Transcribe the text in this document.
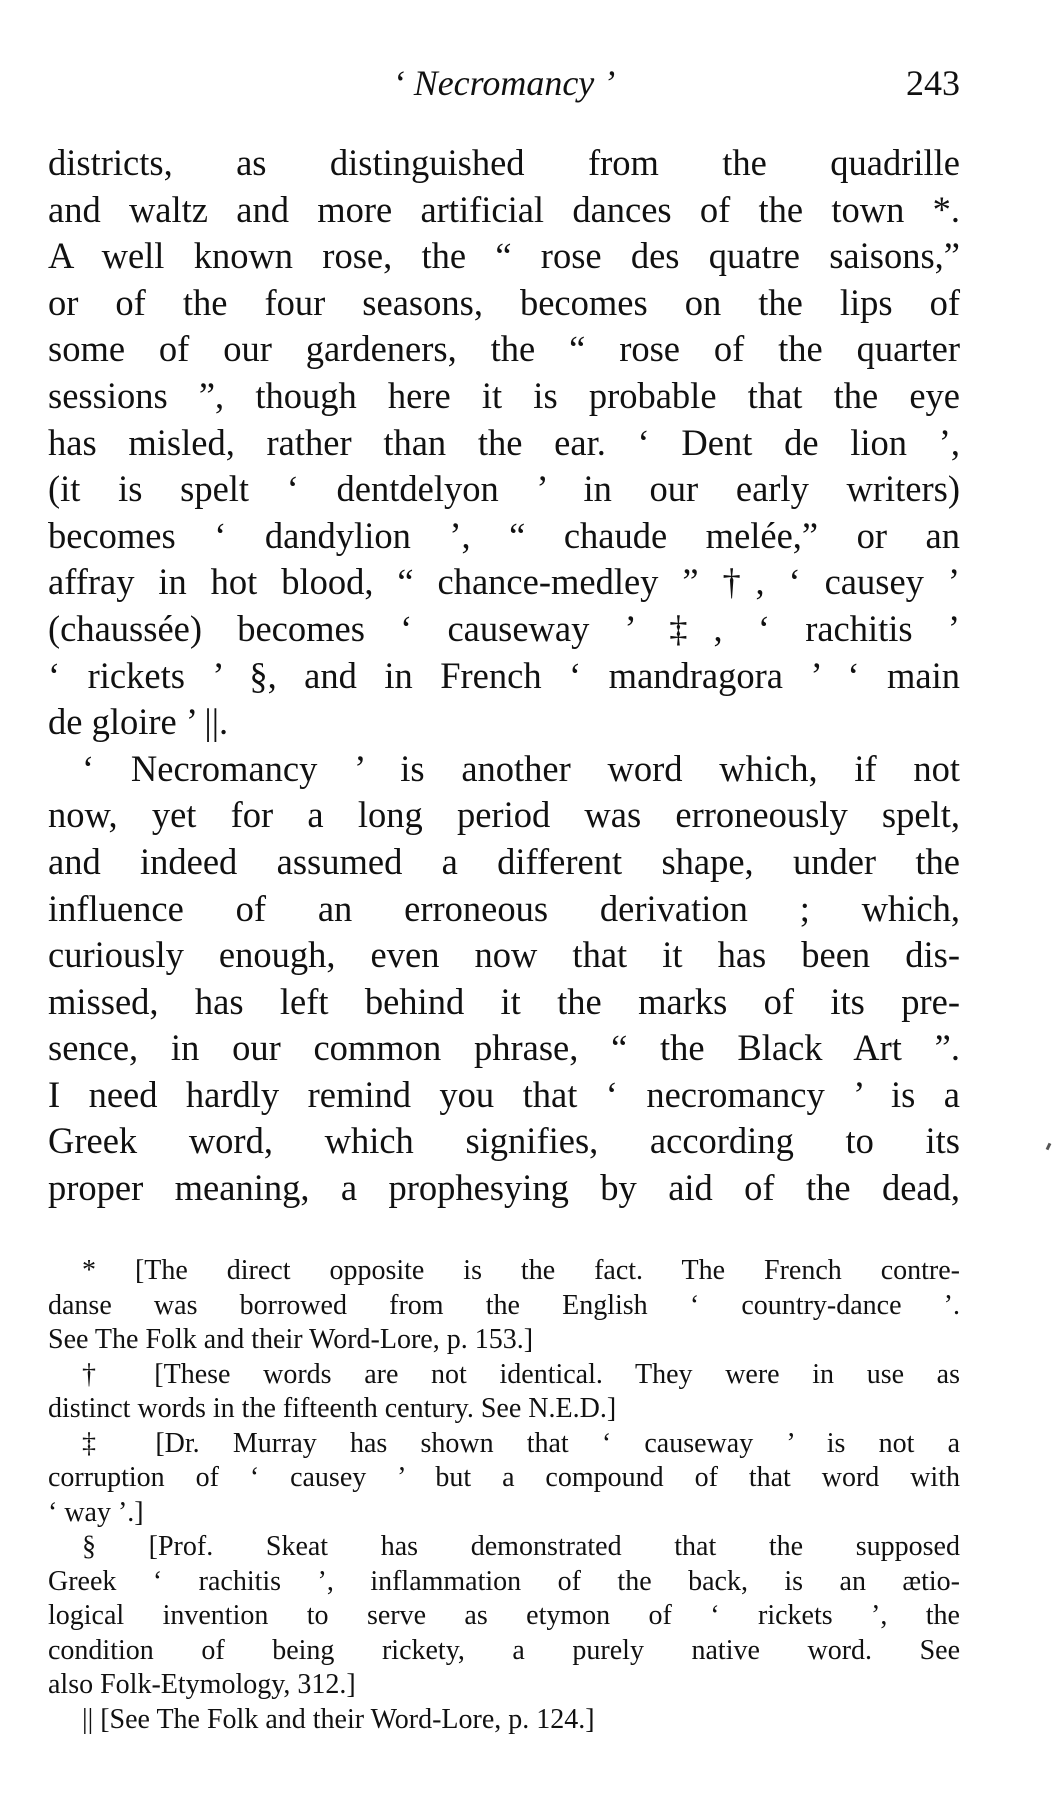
‘ Necromancy ’	243
districts, as distinguished from the quadrille
and waltz and more artificial dances of the town *.
A well known rose, the “ rose des quatre saisons,”
or of the four seasons, becomes on the lips of
some of our gardeners, the “ rose of the quarter
sessions ”, though here it is probable that the eye
has misled, rather than the ear. ‘ Dent de lion ’,
(it is spelt ‘ dentdelyon ’ in our early writers)
becomes ‘ dandylion ’, “ chaude melée,” or an
affray in hot blood, “ chance-medley ” †, ‘ causey ’
(chaussée) becomes ‘ causeway ’ ‡, ‘ rachitis ’
‘ rickets ’ §, and in French ‘ mandragora ’ ‘ main
de gloire ’ ||.
‘ Necromancy ’ is another word which, if not
now, yet for a long period was erroneously spelt,
and indeed assumed a different shape, under the
influence of an erroneous derivation ; which,
curiously enough, even now that it has been dis-
missed, has left behind it the marks of its pre-
sence, in our common phrase, “ the Black Art ”.
I need hardly remind you that ‘ necromancy ’ is a
Greek word, which signifies, according to its
proper meaning, a prophesying by aid of the dead,
* [The direct opposite is the fact. The French contre-
danse was borrowed from the English ‘ country-dance ’.
See The Folk and their Word-Lore, p. 153.]
† [These words are not identical. They were in use as
distinct words in the fifteenth century. See N.E.D.]
‡ [Dr. Murray has shown that ‘ causeway ’ is not a
corruption of ‘ causey ’ but a compound of that word with
‘ way ’.]
§ [Prof. Skeat has demonstrated that the supposed
Greek ‘ rachitis ’, inflammation of the back, is an ætio-
logical invention to serve as etymon of ‘ rickets ’, the
condition of being rickety, a purely native word. See
also Folk-Etymology, 312.]
|| [See The Folk and their Word-Lore, p. 124.]
